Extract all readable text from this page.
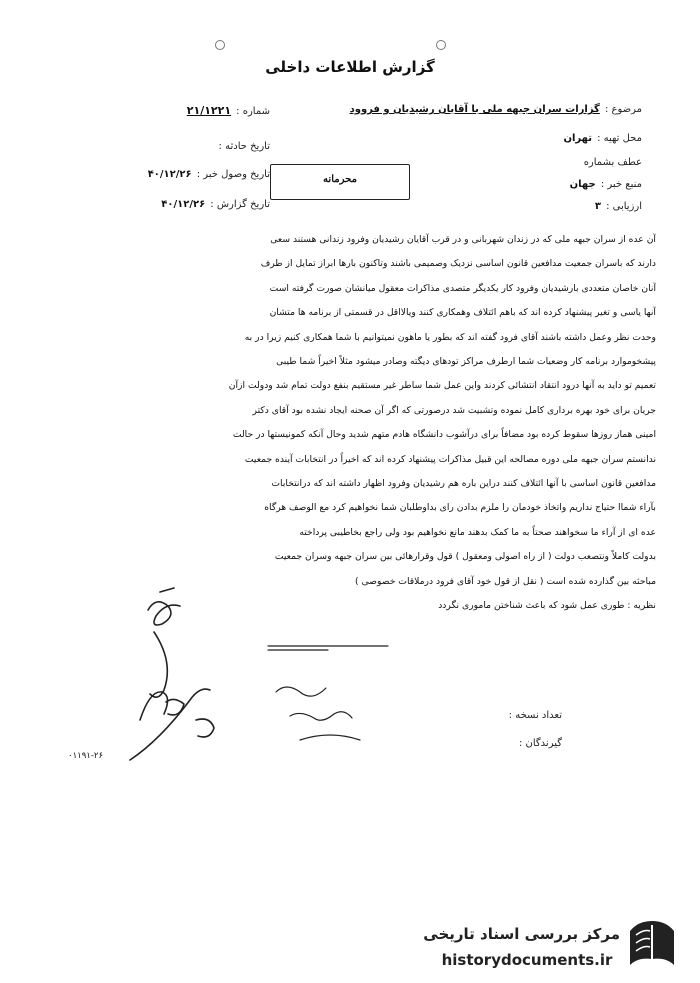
گزارش اطلاعات داخلی
مرضوع : گزارات سران جبهه ملی با آقایان رشیدیان و فروود
محل تهیه : تهران
عطف بشماره
منبع خبر : جهان
ارزیابی : ۳
شماره : ۲۱/۱۲۲۱
تاریخ حادثه :
تاریخ وصول خبر : ۴۰/۱۲/۲۶
تاریخ گزارش : ۴۰/۱۲/۲۶
محرمانه

آن عده از سران جبهه ملی که در زندان شهربانی و در قرب آقایان رشیدیان وفرود زندانی هستند سعی

دارند که باسران جمعیت مدافعین قانون اساسی نزدیک وصمیمی باشند وتاکنون بارها ابراز تمایل از طرف

آنان خاصان متعددی بارشیدیان وفرود کار یکدیگر متصدی مذاکرات معقول میانشان صورت گرفته است

آنها یاسی و تغیر پیشنهاد کرده اند که باهم ائتلاف وهمکاری کنند ویالااقل در قسمتی از برنامه ها متشان

وحدت نظر وعمل داشته باشند آقای فرود گفته اند که بطور یا ماهون نمیتوانیم با شما همکاری کنیم زیرا در به

پیشخوموارد برنامه کار وضعیات شما ارطرف مراکز تودهای دیگته وصادر میشود مثلاً اخیراً شما طیبی

تعمیم تو داید به آنها درود انتقاد انتشائی کردند واین عمل شما ساطر غیر مستقیم بنفع دولت تمام شد ودولت ازآن

جریان برای خود بهره برداری کامل نموده وتشبیت شد درصورتی که اگر آن صحنه ایجاد نشده بود آقای دکتر

امینی هماز روزها سقوط کرده بود مضافاً برای درآشوب دانشگاه هادم متهم شدید وحال آنکه کمونیستها در حالت

ندانستم سران جبهه ملی دوره مصالحه این قبیل مذاکرات پیشنهاد کرده اند که اخیراً در انتخابات آینده جمعیت

مدافعین قانون اساسی با آنها ائتلاف کنند دراین باره هم رشیدیان وفرود اظهار داشته اند که درانتخابات

بآراء شماا حتیاج نداریم واتخاذ خودمان را ملزم بدادن رای بداوطلبان شما نخواهیم کرد مع الوصف هرگاه

عده ای از آراء ما سخواهند صحتاً به ما کمک بدهند مانع نخواهیم بود ولی راجع بخاطیبی پرداخته

بدولت کاملاً ونتصعب دولت ( از راه اصولی ومعقول ) قول وقرارهائی بین سران جبهه وسران جمعیت

مباحثه بین گذارده شده است ( نقل از قول خود آقای فرود درملاقات خصوصی )

نظریه : طوری عمل شود که باعث شناختن ماموری نگردد

تعداد نسخه :
گیرندگان :
۰۱۱۹۱-۲۶
مرکز بررسی اسناد تاریخی
historydocuments.ir
